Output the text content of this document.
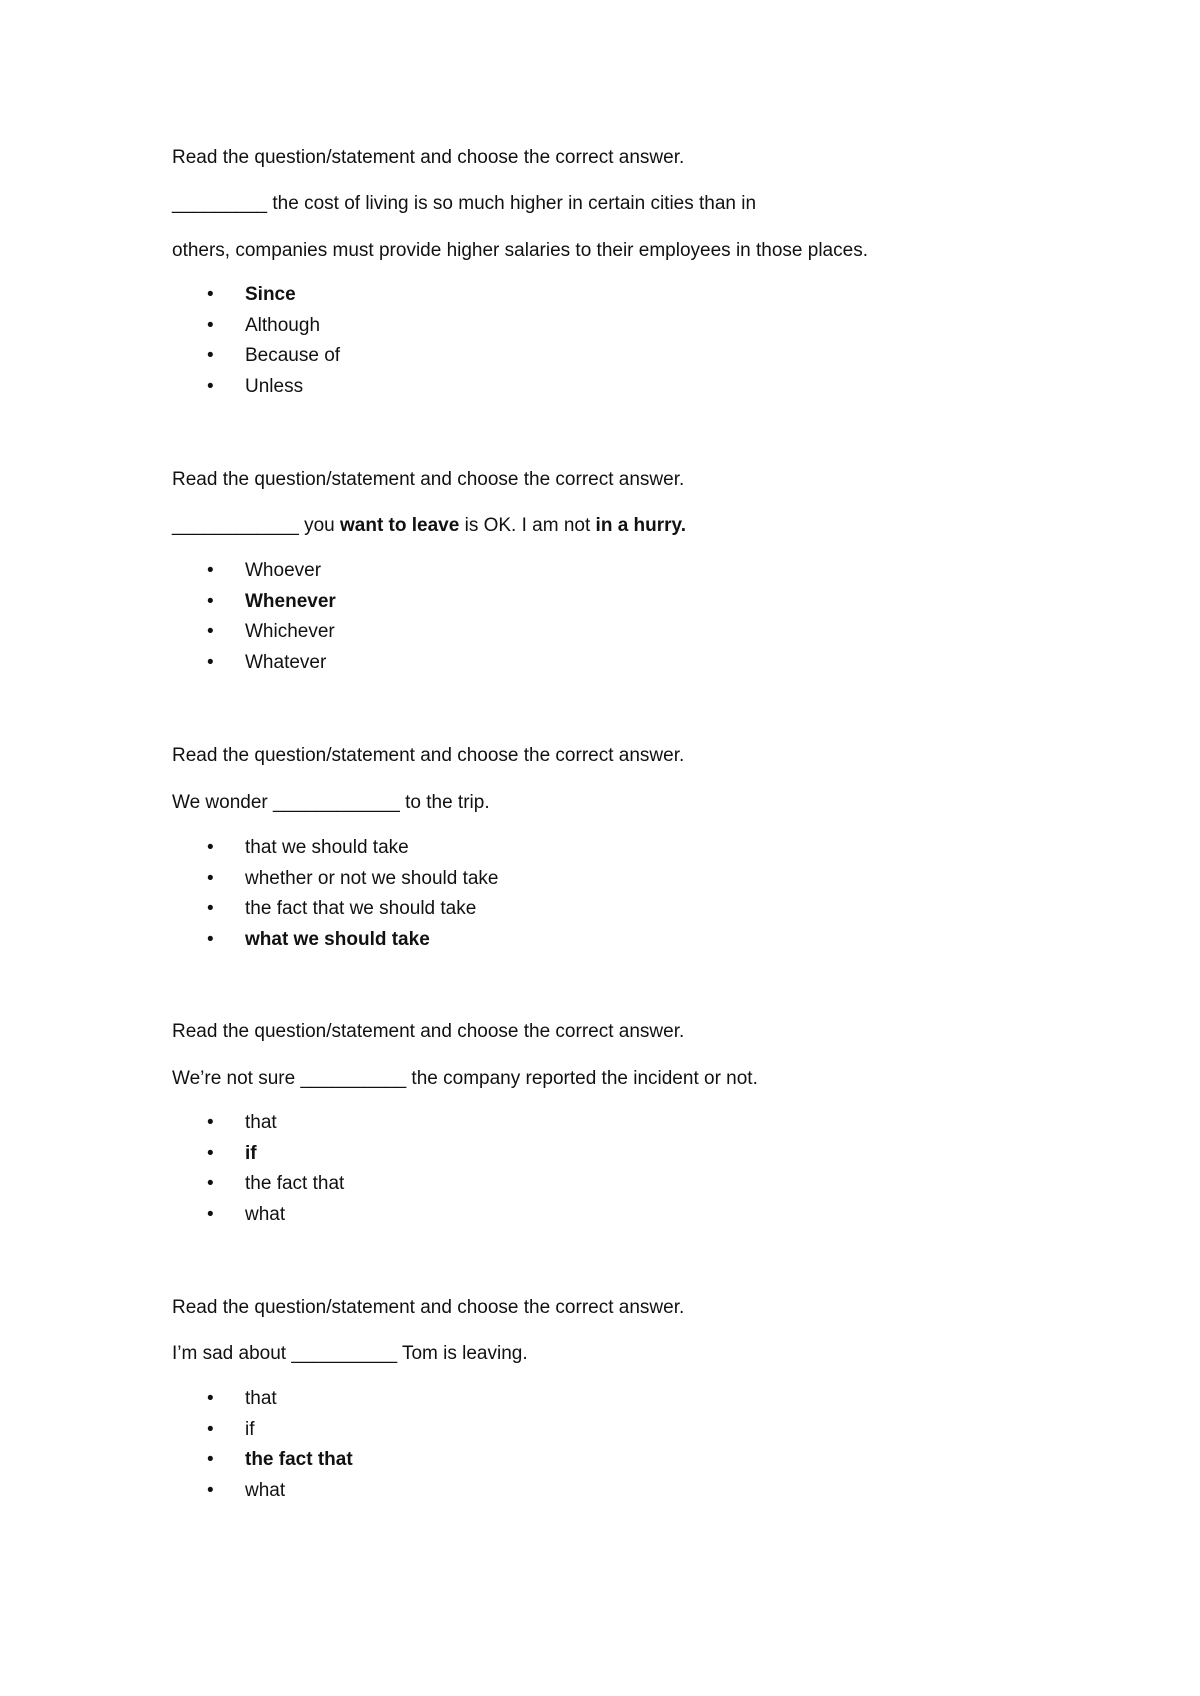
Read the question/statement and choose the correct answer.

_________ the cost of living is so much higher in certain cities than in

others, companies must provide higher salaries to their employees in those places.

• Since
• Although
• Because of
• Unless

Read the question/statement and choose the correct answer.

____________ you want to leave is OK. I am not in a hurry.

• Whoever
• Whenever
• Whichever
• Whatever

Read the question/statement and choose the correct answer.

We wonder ____________ to the trip.

• that we should take
• whether or not we should take
• the fact that we should take
• what we should take

Read the question/statement and choose the correct answer.

We’re not sure __________ the company reported the incident or not.

• that
• if
• the fact that
• what

Read the question/statement and choose the correct answer.

I’m sad about __________ Tom is leaving.

• that
• if
• the fact that
• what
